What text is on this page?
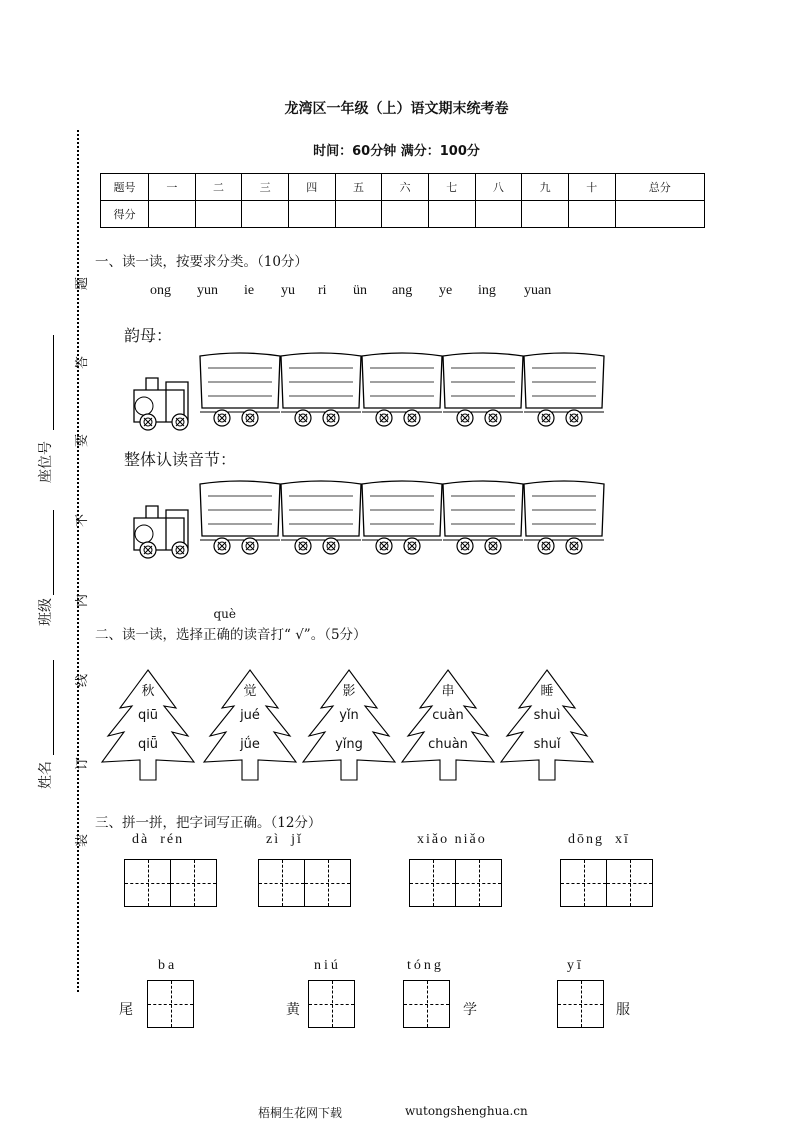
龙湾区一年级（上）语文期末统考卷
时间：60分钟 满分：100分
题号	一	二	三	四	五	六	七	八	九	十	总分
得分											
题
答
要
不
内
线
订
装
座位号
班级
姓名
一、读一读，按要求分类。（10分）
ong yun ie yu ri ün ang ye ing yuan
韵母：
整体认读音节：
二、读一读，选择正
què
确的读音打“ √”。（5分）
秋
qiū
qiǖ
觉
jué
jǘe
影
yǐn
yǐng
串
cuàn
chuàn
睡
shuì
shuǐ
三、拼一拼，把字词写正确。（12分）
dà  rén	zì  jǐ	xiǎo niǎo	dōng  xī
ba
尾
niú
黄
tóng
学
yī
服
梧桐生花网下载	wutongshenghua.cn
